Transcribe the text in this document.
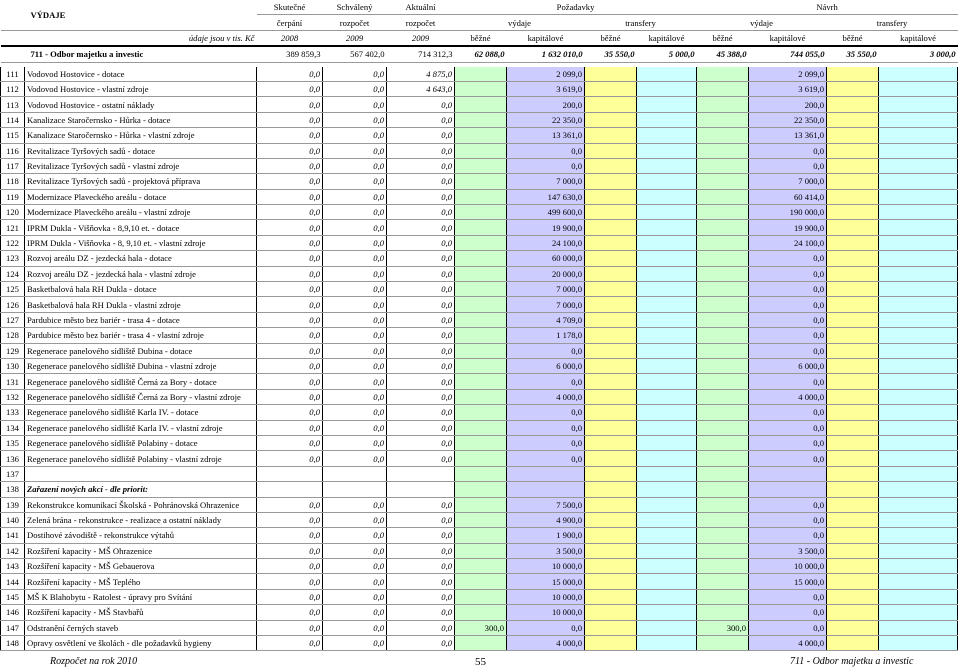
VÝDAJE		Skutečné	Schválený	Aktuální	Požadavky				Návrh			
		čerpání	rozpočet	rozpočet	výdaje		transfery		výdaje		transfery	
údaje jsou v tis. Kč		2008	2009	2009	běžné	kapitálové	běžné	kapitálové	běžné	kapitálové	běžné	kapitálové
711 - Odbor majetku a investic		389 859,3	567 402,0	714 312,3	62 088,0	1 632 010,0	35 550,0	5 000,0	45 388,0	744 055,0	35 550,0	3 000,0

111	Vodovod Hostovice - dotace	0,0	0,0	4 875,0		2 099,0				2 099,0		
112	Vodovod Hostovice - vlastní zdroje	0,0	0,0	4 643,0		3 619,0				3 619,0		
113	Vodovod Hostovice - ostatní náklady	0,0	0,0	0,0		200,0				200,0		
114	Kanalizace Staročernsko - Hůrka - dotace	0,0	0,0	0,0		22 350,0				22 350,0		
115	Kanalizace Staročernsko - Hůrka - vlastní zdroje	0,0	0,0	0,0		13 361,0				13 361,0		
116	Revitalizace Tyršových sadů - dotace	0,0	0,0	0,0		0,0				0,0		
117	Revitalizace Tyršových sadů - vlastní zdroje	0,0	0,0	0,0		0,0				0,0		
118	Revitalizace Tyršových sadů - projektová příprava	0,0	0,0	0,0		7 000,0				7 000,0		
119	Modernizace Plaveckého areálu - dotace	0,0	0,0	0,0		147 630,0				60 414,0		
120	Modernizace Plaveckého areálu - vlastní zdroje	0,0	0,0	0,0		499 600,0				190 000,0		
121	IPRM Dukla - Višňovka - 8,9,10 et. - dotace	0,0	0,0	0,0		19 900,0				19 900,0		
122	IPRM Dukla - Višňovka - 8, 9,10 et. - vlastní zdroje	0,0	0,0	0,0		24 100,0				24 100,0		
123	Rozvoj areálu DZ - jezdecká hala - dotace	0,0	0,0	0,0		60 000,0				0,0		
124	Rozvoj areálu DZ - jezdecká hala - vlastní zdroje	0,0	0,0	0,0		20 000,0				0,0		
125	Basketbalová hala RH Dukla - dotace	0,0	0,0	0,0		7 000,0				0,0		
126	Basketbalová hala RH Dukla - vlastní zdroje	0,0	0,0	0,0		7 000,0				0,0		
127	Pardubice město bez bariér - trasa 4 - dotace	0,0	0,0	0,0		4 709,0				0,0		
128	Pardubice město bez bariér - trasa 4 - vlastní zdroje	0,0	0,0	0,0		1 178,0				0,0		
129	Regenerace panelového sídliště Dubina - dotace	0,0	0,0	0,0		0,0				0,0		
130	Regenerace panelového sídliště Dubina - vlastní zdroje	0,0	0,0	0,0		6 000,0				6 000,0		
131	Regenerace panelového sídliště Černá za Bory - dotace	0,0	0,0	0,0		0,0				0,0		
132	Regenerace panelového sídliště Černá za Bory - vlastní zdroje	0,0	0,0	0,0		4 000,0				4 000,0		
133	Regenerace panelového sídliště Karla IV. - dotace	0,0	0,0	0,0		0,0				0,0		
134	Regenerace panelového sídliště Karla IV. - vlastní zdroje	0,0	0,0	0,0		0,0				0,0		
135	Regenerace panelového sídliště Polabiny - dotace	0,0	0,0	0,0		0,0				0,0		
136	Regenerace panelového sídliště Polabiny - vlastní zdroje	0,0	0,0	0,0		0,0				0,0		
137												
138	Zařazení nových akcí - dle priorit:											
139	Rekonstrukce komunikací Školská - Pohránovská Ohrazenice	0,0	0,0	0,0		7 500,0				0,0		
140	Zelená brána - rekonstrukce - realizace a ostatní náklady	0,0	0,0	0,0		4 900,0				0,0		
141	Dostihové závodiště - rekonstrukce výtahů	0,0	0,0	0,0		1 900,0				0,0		
142	Rozšíření kapacity - MŠ Ohrazenice	0,0	0,0	0,0		3 500,0				3 500,0		
143	Rozšíření kapacity - MŠ Gebauerova	0,0	0,0	0,0		10 000,0				10 000,0		
144	Rozšíření kapacity - MŠ Teplého	0,0	0,0	0,0		15 000,0				15 000,0		
145	MŠ K Blahobytu - Ratolest - úpravy pro Svítání	0,0	0,0	0,0		10 000,0				0,0		
146	Rozšíření kapacity - MŠ Stavbařů	0,0	0,0	0,0		10 000,0				0,0		
147	Odstranění černých staveb	0,0	0,0	0,0	300,0	0,0			300,0	0,0		
148	Opravy osvětlení ve školách - dle požadavků hygieny	0,0	0,0	0,0		4 000,0				4 000,0		
Rozpočet na rok 2010	55	711 - Odbor majetku a investic
